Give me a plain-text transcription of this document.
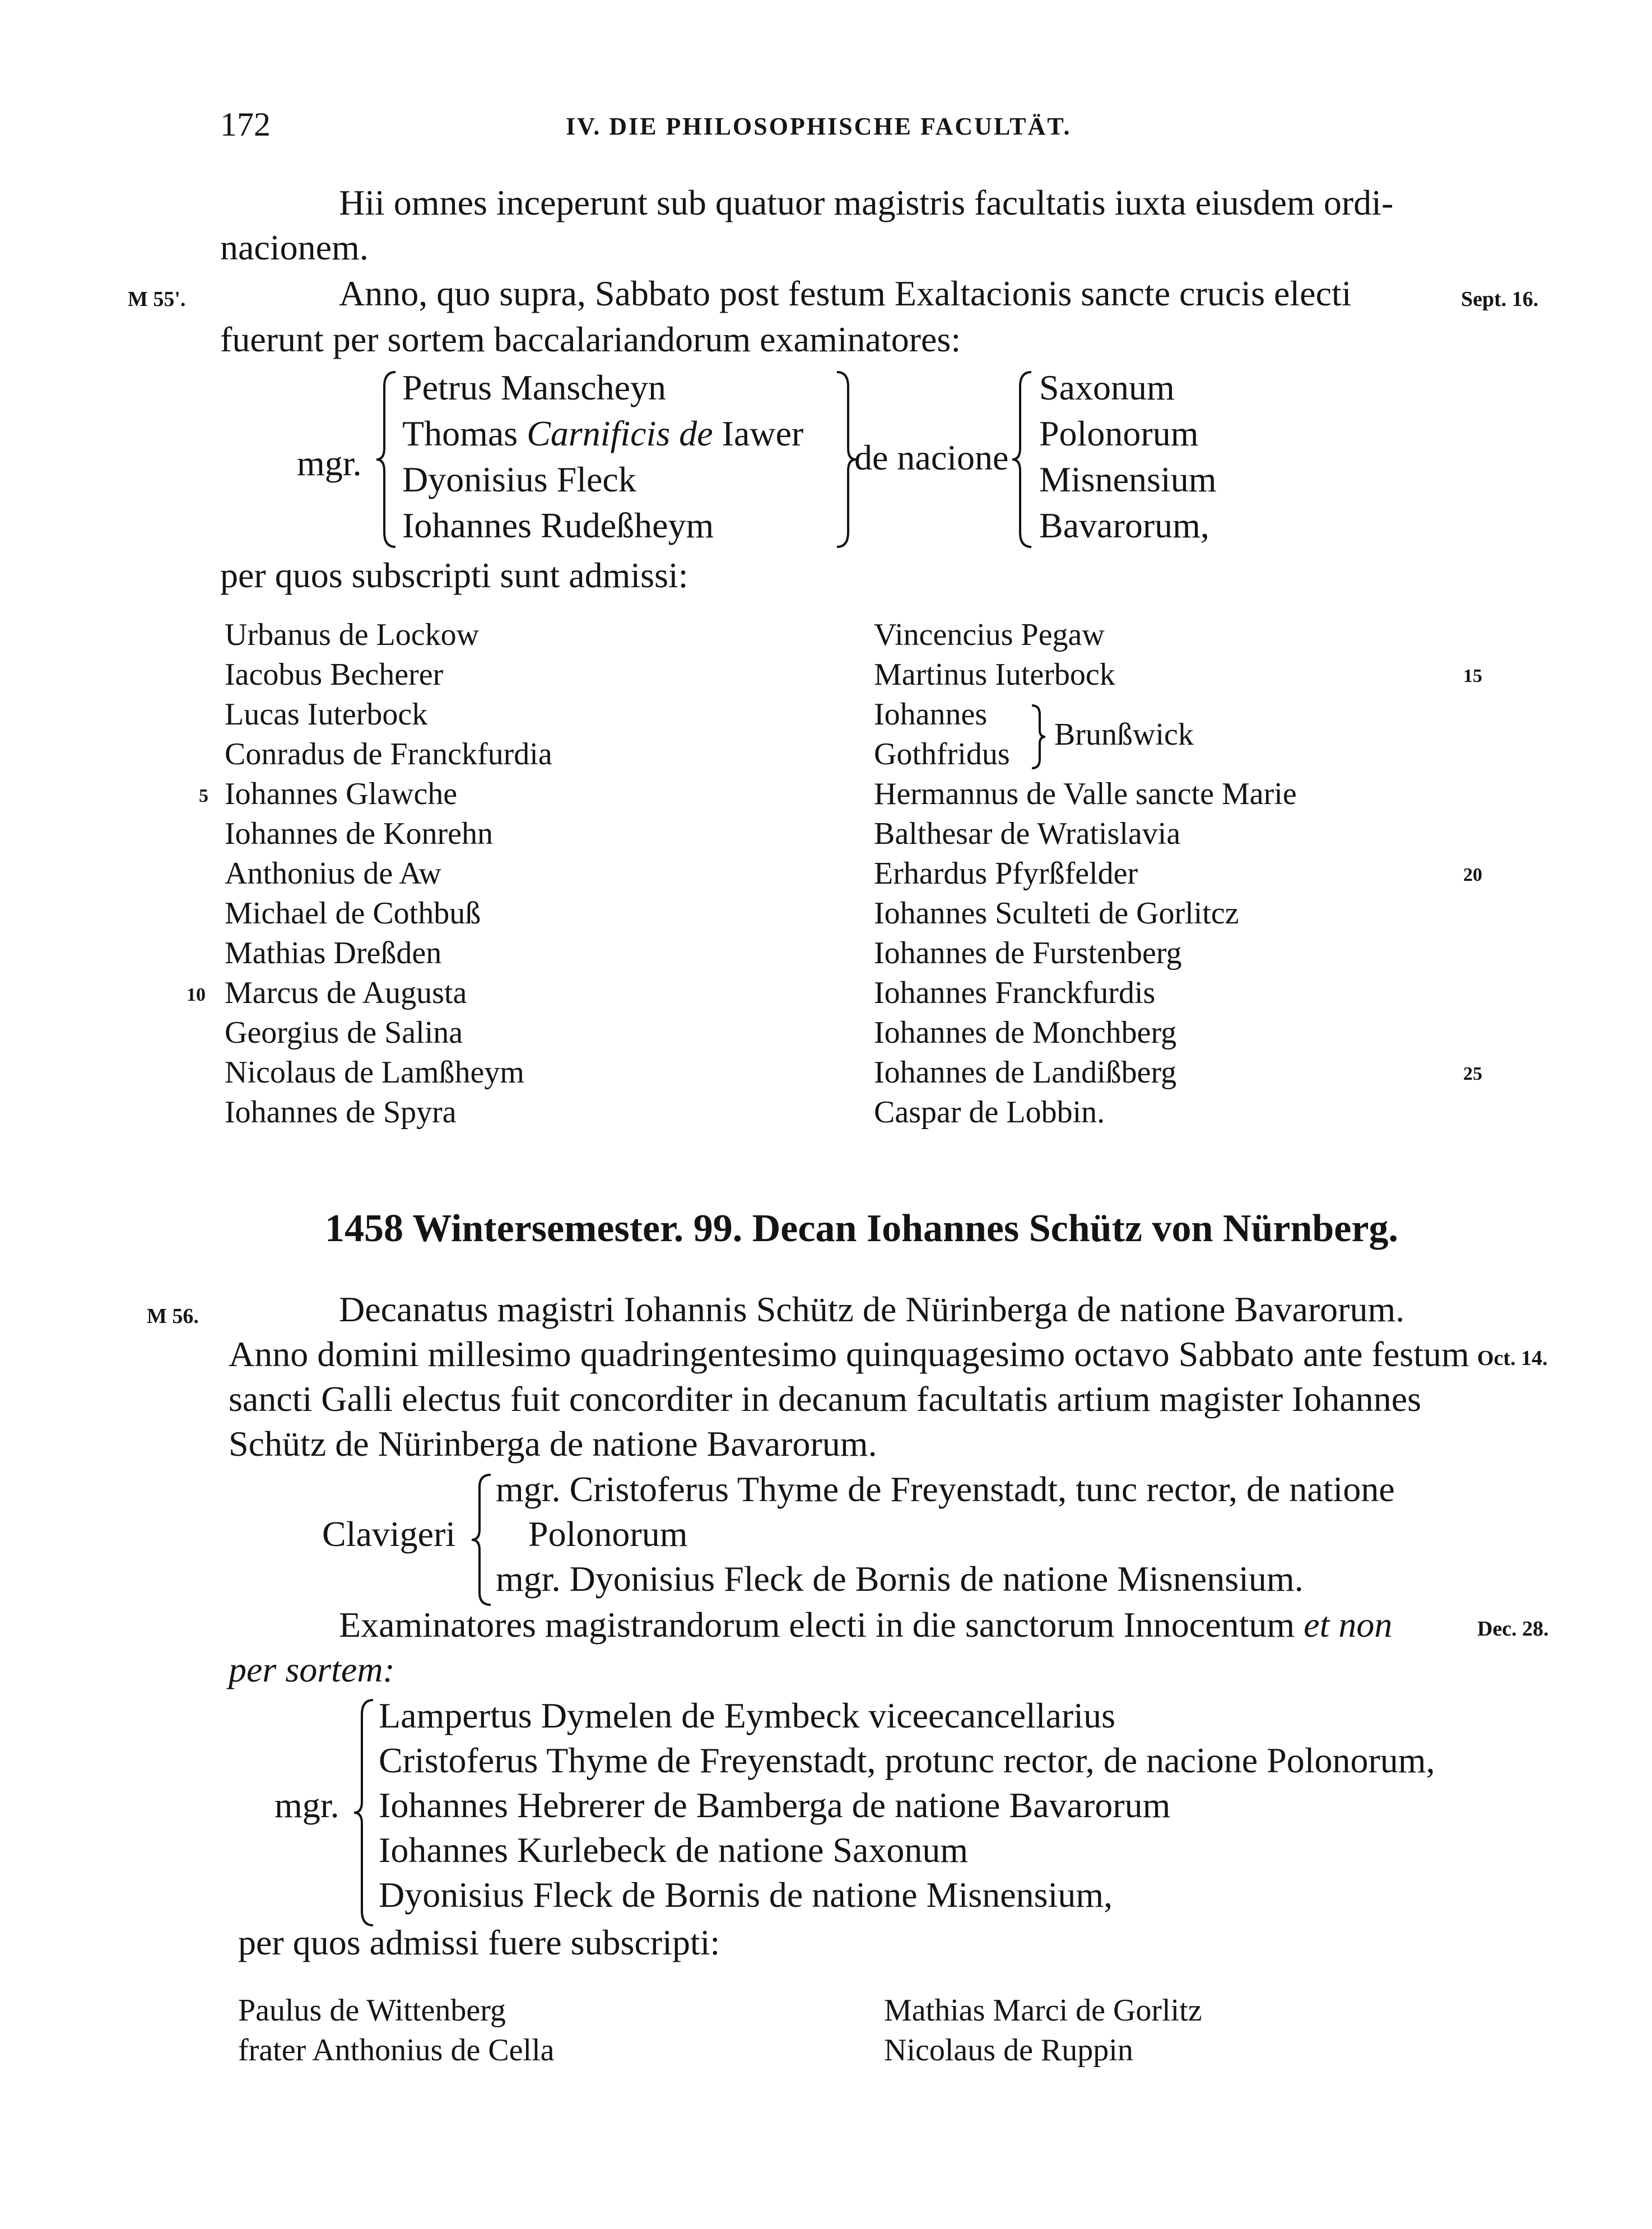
172	IV. DIE PHILOSOPHISCHE FACULTÄT.
Hii omnes inceperunt sub quatuor magistris facultatis iuxta eiusdem ordi-
nacionem.
M 55'.	Anno, quo supra, Sabbato post festum Exaltacionis sancte crucis electi	Sept. 16.
fuerunt per sortem baccalariandorum examinatores:
mgr.
Petrus Manscheyn
Thomas Carnificis de Iawer
Dyonisius Fleck
Iohannes Rudeßheym
de nacione
Saxonum
Polonorum
Misnensium
Bavarorum,
per quos subscripti sunt admissi:
Urbanus de Lockow
Iacobus Becherer
Lucas Iuterbock
Conradus de Franckfurdia
5 Iohannes Glawche
Iohannes de Konrehn
Anthonius de Aw
Michael de Cothbuß
Mathias Dreßden
10 Marcus de Augusta
Georgius de Salina
Nicolaus de Lamßheym
Iohannes de Spyra
Vincencius Pegaw
Martinus Iuterbock	15
Iohannes
Gothfridus
Brunßwick
Hermannus de Valle sancte Marie
Balthesar de Wratislavia
Erhardus Pfyrßfelder	20
Iohannes Sculteti de Gorlitcz
Iohannes de Furstenberg
Iohannes Franckfurdis
Iohannes de Monchberg
Iohannes de Landißberg	25
Caspar de Lobbin.
1458 Wintersemester. 99. Decan Iohannes Schütz von Nürnberg.
M 56.	Decanatus magistri Iohannis Schütz de Nürinberga de natione Bavarorum.
Anno domini millesimo quadringentesimo quinquagesimo octavo Sabbato ante festum Oct. 14.
sancti Galli electus fuit concorditer in decanum facultatis artium magister Iohannes
Schütz de Nürinberga de natione Bavarorum.
Clavigeri
mgr. Cristoferus Thyme de Freyenstadt, tunc rector, de natione
Polonorum
mgr. Dyonisius Fleck de Bornis de natione Misnensium.
Examinatores magistrandorum electi in die sanctorum Innocentum et non	Dec. 28.
per sortem:
mgr.
Lampertus Dymelen de Eymbeck viceecancellarius
Cristoferus Thyme de Freyenstadt, protunc rector, de nacione Polonorum,
Iohannes Hebrerer de Bamberga de natione Bavarorum
Iohannes Kurlebeck de natione Saxonum
Dyonisius Fleck de Bornis de natione Misnensium,
per quos admissi fuere subscripti:
Paulus de Wittenberg
frater Anthonius de Cella
Mathias Marci de Gorlitz
Nicolaus de Ruppin
